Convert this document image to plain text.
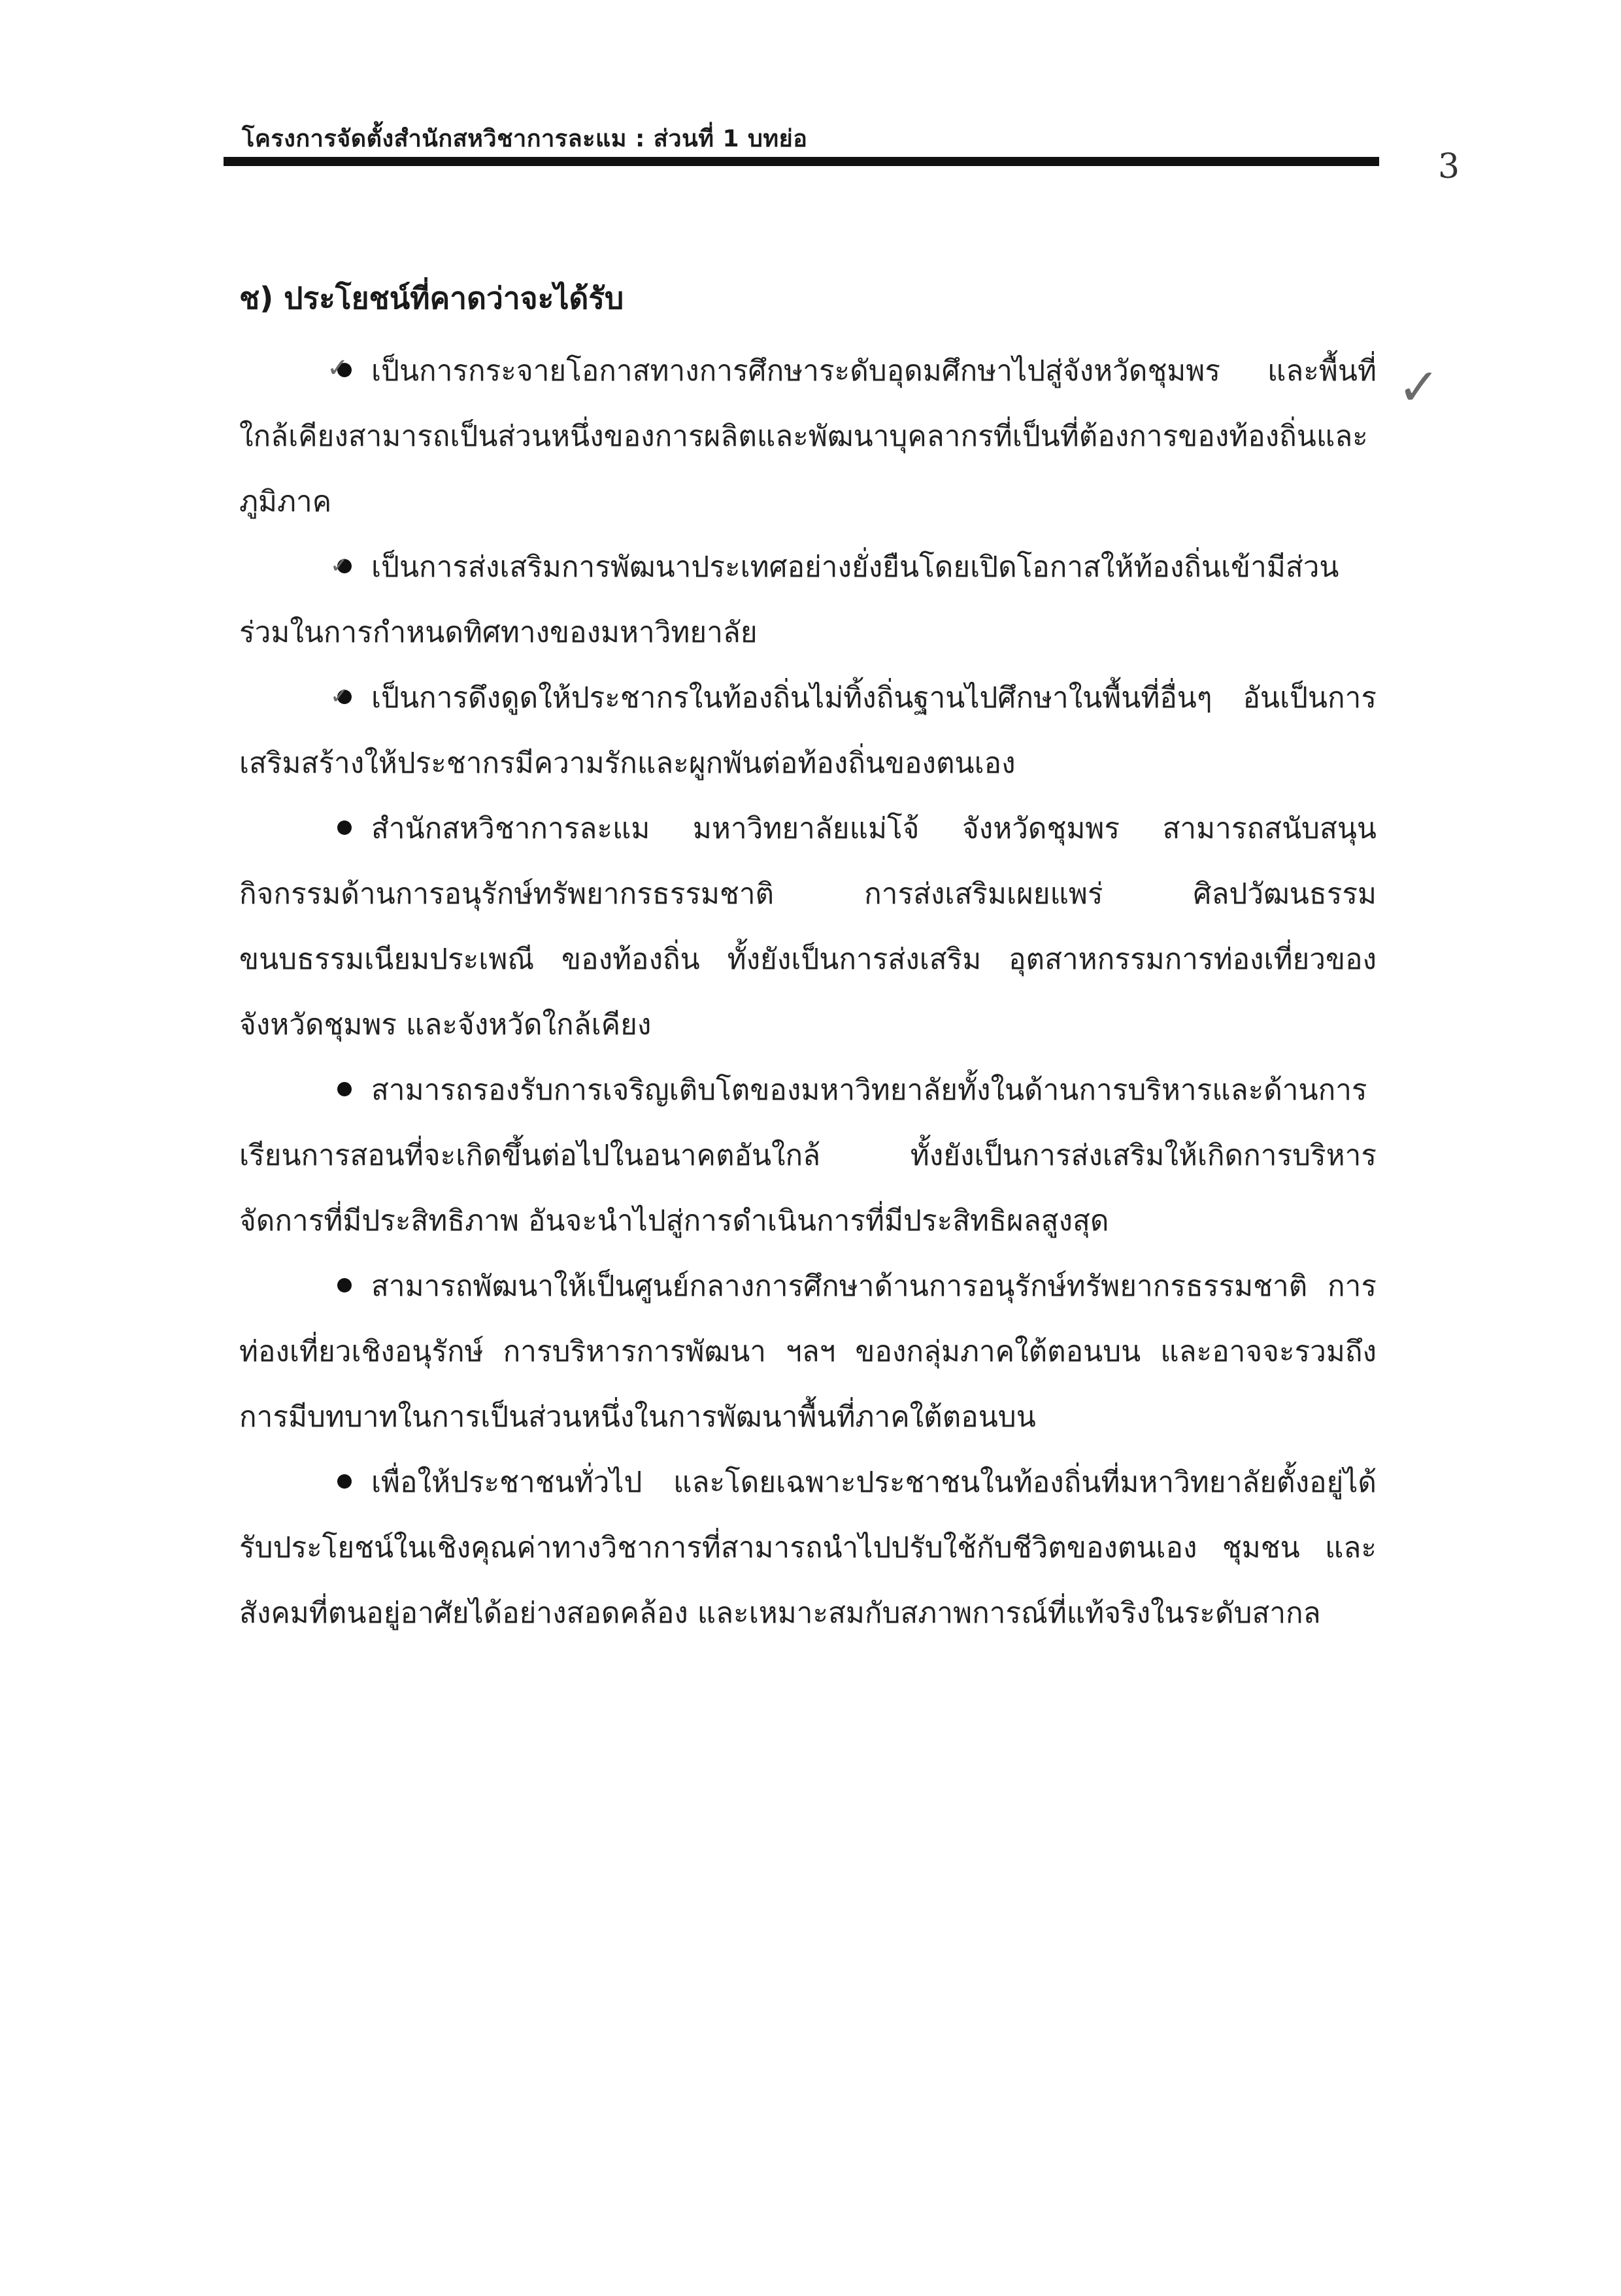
โครงการจัดตั้งสำนักสหวิชาการละแม : ส่วนที่ 1 บทย่อ
3
ช) ประโยชน์ที่คาดว่าจะได้รับ

เป็นการกระจายโอกาสทางการศึกษาระดับอุดมศึกษาไปสู่จังหวัดชุมพร และพื้นที่ใกล้เคียงสามารถเป็นส่วนหนึ่งของการผลิตและพัฒนาบุคลากรที่เป็นที่ต้องการของท้องถิ่นและภูมิภาค

เป็นการส่งเสริมการพัฒนาประเทศอย่างยั่งยืนโดยเปิดโอกาสให้ท้องถิ่นเข้ามีส่วนร่วมในการกำหนดทิศทางของมหาวิทยาลัย

เป็นการดึงดูดให้ประชากรในท้องถิ่นไม่ทิ้งถิ่นฐานไปศึกษาในพื้นที่อื่นๆ อันเป็นการเสริมสร้างให้ประชากรมีความรักและผูกพันต่อท้องถิ่นของตนเอง

สำนักสหวิชาการละแม มหาวิทยาลัยแม่โจ้ จังหวัดชุมพร สามารถสนับสนุนกิจกรรมด้านการอนุรักษ์ทรัพยากรธรรมชาติ การส่งเสริมเผยแพร่ ศิลปวัฒนธรรม ขนบธรรมเนียมประเพณี ของท้องถิ่น ทั้งยังเป็นการส่งเสริม อุตสาหกรรมการท่องเที่ยวของจังหวัดชุมพร และจังหวัดใกล้เคียง

สามารถรองรับการเจริญเติบโตของมหาวิทยาลัยทั้งในด้านการบริหารและด้านการเรียนการสอนที่จะเกิดขึ้นต่อไปในอนาคตอันใกล้ ทั้งยังเป็นการส่งเสริมให้เกิดการบริหารจัดการที่มีประสิทธิภาพ อันจะนำไปสู่การดำเนินการที่มีประสิทธิผลสูงสุด

สามารถพัฒนาให้เป็นศูนย์กลางการศึกษาด้านการอนุรักษ์ทรัพยากรธรรมชาติ การท่องเที่ยวเชิงอนุรักษ์ การบริหารการพัฒนา ฯลฯ ของกลุ่มภาคใต้ตอนบน และอาจจะรวมถึงการมีบทบาทในการเป็นส่วนหนึ่งในการพัฒนาพื้นที่ภาคใต้ตอนบน

เพื่อให้ประชาชนทั่วไป และโดยเฉพาะประชาชนในท้องถิ่นที่มหาวิทยาลัยตั้งอยู่ได้รับประโยชน์ในเชิงคุณค่าทางวิชาการที่สามารถนำไปปรับใช้กับชีวิตของตนเอง ชุมชน และ สังคมที่ตนอยู่อาศัยได้อย่างสอดคล้อง และเหมาะสมกับสภาพการณ์ที่แท้จริงในระดับสากล

✓	✓
✓
✓
